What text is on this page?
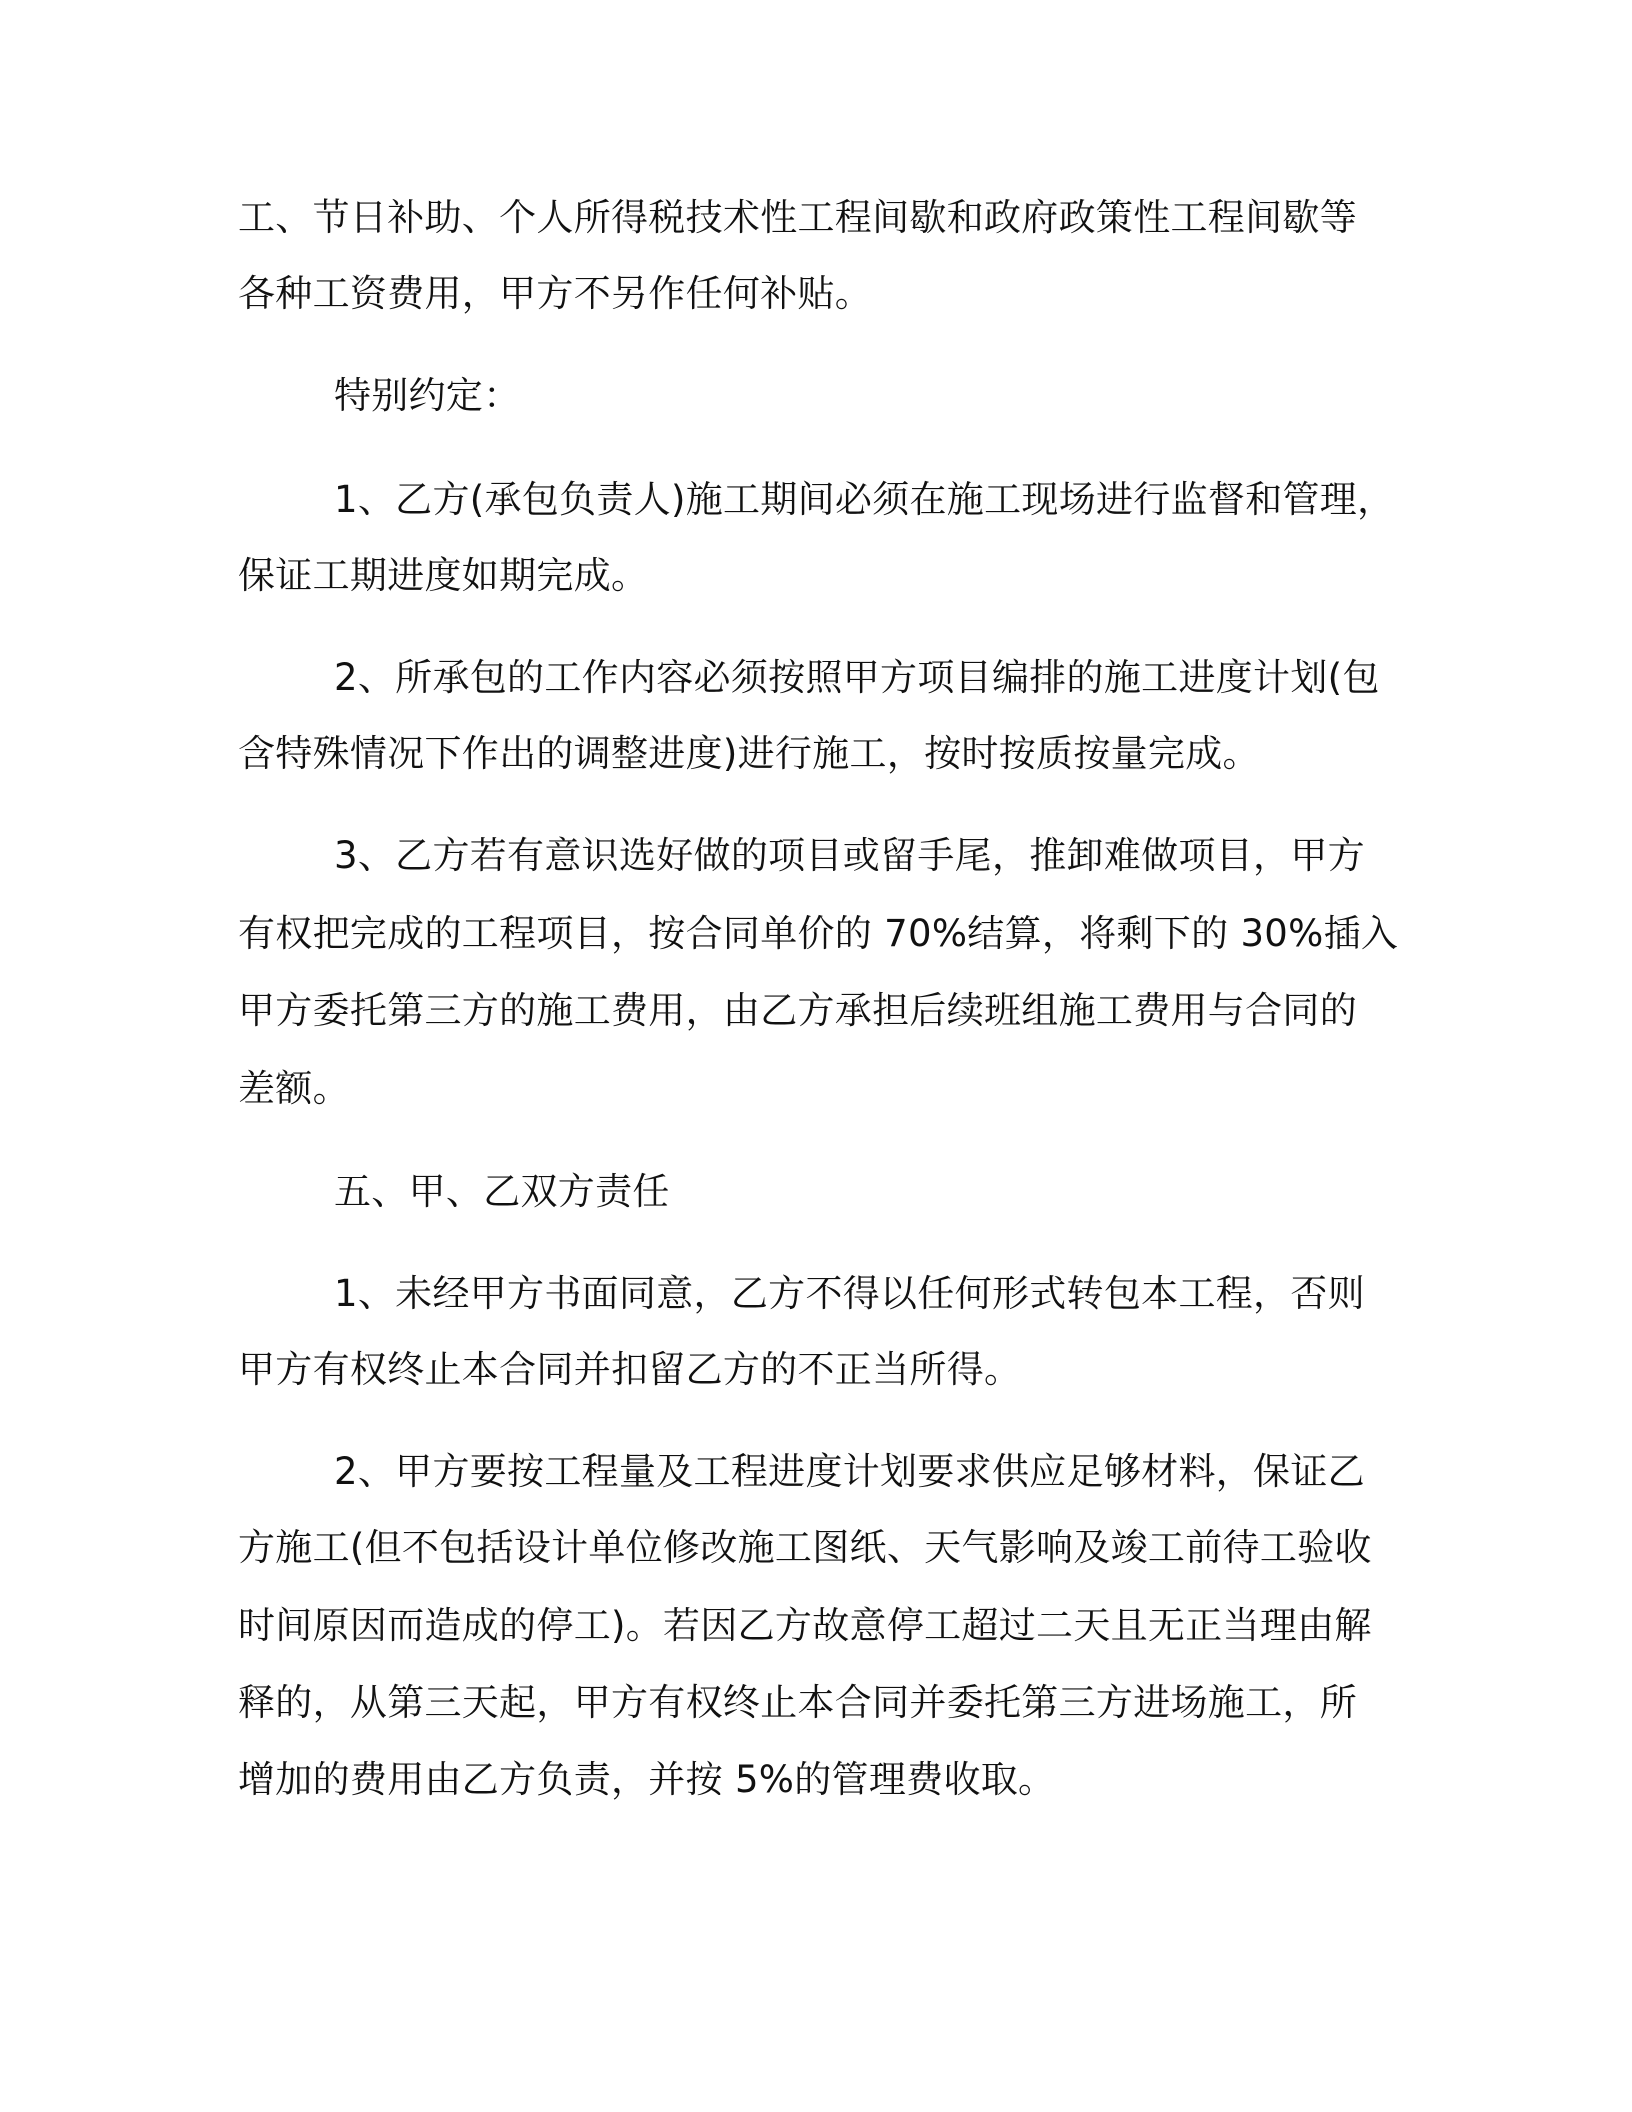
工、节日补助、个人所得税技术性工程间歇和政府政策性工程间歇等

各种工资费用，甲方不另作任何补贴。

特别约定：

1、乙方(承包负责人)施工期间必须在施工现场进行监督和管理，

保证工期进度如期完成。

2、所承包的工作内容必须按照甲方项目编排的施工进度计划(包

含特殊情况下作出的调整进度)进行施工，按时按质按量完成。

3、乙方若有意识选好做的项目或留手尾，推卸难做项目，甲方

有权把完成的工程项目，按合同单价的 70%结算，将剩下的 30%插入

甲方委托第三方的施工费用，由乙方承担后续班组施工费用与合同的

差额。

五、甲、乙双方责任

1、未经甲方书面同意，乙方不得以任何形式转包本工程，否则

甲方有权终止本合同并扣留乙方的不正当所得。

2、甲方要按工程量及工程进度计划要求供应足够材料，保证乙

方施工(但不包括设计单位修改施工图纸、天气影响及竣工前待工验收

时间原因而造成的停工)。若因乙方故意停工超过二天且无正当理由解

释的，从第三天起，甲方有权终止本合同并委托第三方进场施工，所

增加的费用由乙方负责，并按 5%的管理费收取。
